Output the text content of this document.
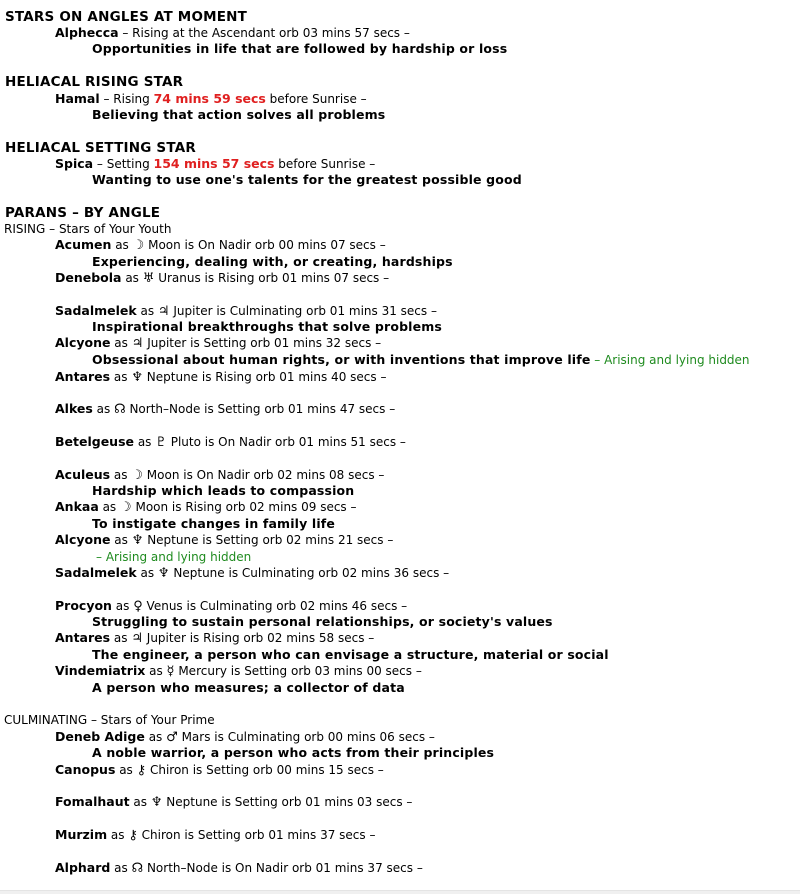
STARS ON ANGLES AT MOMENT
Alphecca – Rising at the Ascendant orb 03 mins 57 secs –
Opportunities in life that are followed by hardship or loss
HELIACAL RISING STAR
Hamal – Rising 74 mins 59 secs before Sunrise –
Believing that action solves all problems
HELIACAL SETTING STAR
Spica – Setting 154 mins 57 secs before Sunrise –
Wanting to use one's talents for the greatest possible good
PARANS – BY ANGLE
RISING – Stars of Your Youth
Acumen as ☽ Moon is On Nadir orb 00 mins 07 secs –
Experiencing, dealing with, or creating, hardships
Denebola as ♅ Uranus is Rising orb 01 mins 07 secs –
Sadalmelek as ♃ Jupiter is Culminating orb 01 mins 31 secs –
Inspirational breakthroughs that solve problems
Alcyone as ♃ Jupiter is Setting orb 01 mins 32 secs –
Obsessional about human rights, or with inventions that improve life – Arising and lying hidden
Antares as ♆ Neptune is Rising orb 01 mins 40 secs –
Alkes as ☊ North–Node is Setting orb 01 mins 47 secs –
Betelgeuse as ♇ Pluto is On Nadir orb 01 mins 51 secs –
Aculeus as ☽ Moon is On Nadir orb 02 mins 08 secs –
Hardship which leads to compassion
Ankaa as ☽ Moon is Rising orb 02 mins 09 secs –
To instigate changes in family life
Alcyone as ♆ Neptune is Setting orb 02 mins 21 secs –
– Arising and lying hidden
Sadalmelek as ♆ Neptune is Culminating orb 02 mins 36 secs –
Procyon as ♀ Venus is Culminating orb 02 mins 46 secs –
Struggling to sustain personal relationships, or society's values
Antares as ♃ Jupiter is Rising orb 02 mins 58 secs –
The engineer, a person who can envisage a structure, material or social
Vindemiatrix as ☿ Mercury is Setting orb 03 mins 00 secs –
A person who measures; a collector of data
CULMINATING – Stars of Your Prime
Deneb Adige as ♂ Mars is Culminating orb 00 mins 06 secs –
A noble warrior, a person who acts from their principles
Canopus as ⚷ Chiron is Setting orb 00 mins 15 secs –
Fomalhaut as ♆ Neptune is Setting orb 01 mins 03 secs –
Murzim as ⚷ Chiron is Setting orb 01 mins 37 secs –
Alphard as ☊ North–Node is On Nadir orb 01 mins 37 secs –
